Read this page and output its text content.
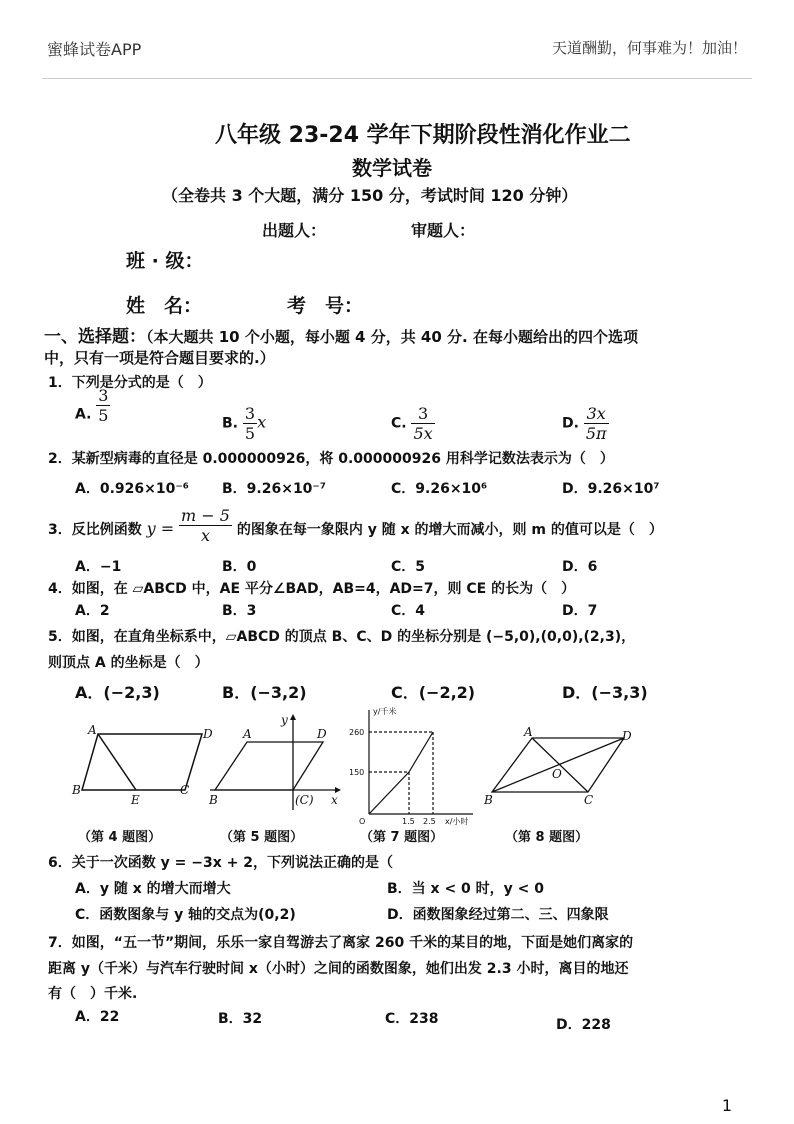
蜜蜂试卷APP	天道酬勤，何事难为！加油！
八年级 23-24 学年下期阶段性消化作业二
数学试卷
（全卷共 3 个大题，满分 150 分，考试时间 120 分钟）
出题人：	审题人：
班 · 级：
姓　名：	考　号：
一、选择题：（本大题共 10 个小题，每小题 4 分，共 40 分. 在每小题给出的四个选项
中，只有一项是符合题目要求的.）
1．下列是分式的是（　）
A. $\frac{3}{5}$	B. $\frac{3}{5}$ x	C. $\frac{3}{5x}$	D. $\frac{3x}{5\pi}$
2．某新型病毒的直径是 0.000000926，将 0.000000926 用科学记数法表示为（　）
A．0.926×10⁻⁶ B．9.26×10⁻⁷	C．9.26×10⁶	D．9.26×10⁷
3．反比例函数 $y = \frac{m - 5}{x}$ 的图象在每一象限内 y 随 x 的增大而减小，则 m 的值可以是（　）
A．−1	B．0	C．5	D．6
4．如图，在 ▱ABCD 中，AE 平分∠BAD，AB=4，AD=7，则 CE 的长为（　）
A．2	B．3	C．4	D．7
5．如图，在直角坐标系中，▱ABCD 的顶点 B、C、D 的坐标分别是 (−5,0),(0,0),(2,3)，
则顶点 A 的坐标是（　）
A．(−2,3)	B．(−3,2)	C．(−2,2)	D．(−3,3)
A	D
B
E
C
A	D
B	(C) x
y
y/千米
x/小时
O
260
150
1.5 2.5
A	D
B	C
O
（第 4 题图）	（第 5 题图）	（第 7 题图）	（第 8 题图）
6．关于一次函数 y = −3x + 2，下列说法正确的是（
A．y 随 x 的增大而增大	B．当 x < 0 时，y < 0
C．函数图象与 y 轴的交点为(0,2)	D．函数图象经过第二、三、四象限
7．如图，“五一节”期间，乐乐一家自驾游去了离家 260 千米的某目的地，下面是她们离家的
距离 y（千米）与汽车行驶时间 x（小时）之间的函数图象，她们出发 2.3 小时，离目的地还
有（　）千米.
A．22	B．32	C．238	D．228
1
